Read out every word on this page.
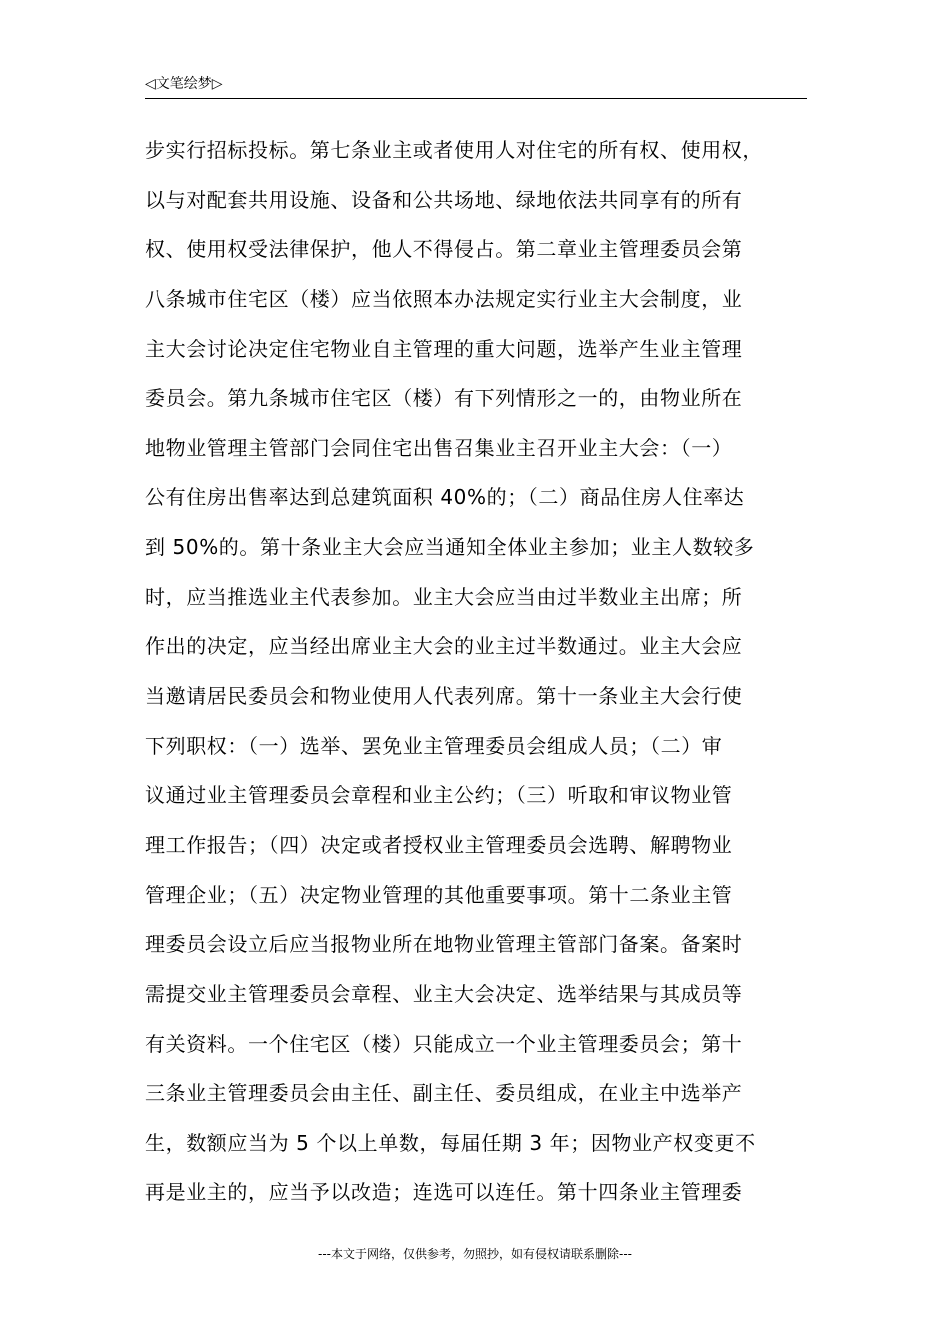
◁文笔绘梦▷
步实行招标投标。第七条业主或者使用人对住宅的所有权、使用权，
以与对配套共用设施、设备和公共场地、绿地依法共同享有的所有
权、使用权受法律保护，他人不得侵占。第二章业主管理委员会第
八条城市住宅区（楼）应当依照本办法规定实行业主大会制度，业
主大会讨论决定住宅物业自主管理的重大问题，选举产生业主管理
委员会。第九条城市住宅区（楼）有下列情形之一的，由物业所在
地物业管理主管部门会同住宅出售召集业主召开业主大会：（一）
公有住房出售率达到总建筑面积 40%的；（二）商品住房人住率达
到 50%的。第十条业主大会应当通知全体业主参加；业主人数较多
时，应当推选业主代表参加。业主大会应当由过半数业主出席；所
作出的决定，应当经出席业主大会的业主过半数通过。业主大会应
当邀请居民委员会和物业使用人代表列席。第十一条业主大会行使
下列职权：（一）选举、罢免业主管理委员会组成人员；（二）审
议通过业主管理委员会章程和业主公约；（三）听取和审议物业管
理工作报告；（四）决定或者授权业主管理委员会选聘、解聘物业
管理企业；（五）决定物业管理的其他重要事项。第十二条业主管
理委员会设立后应当报物业所在地物业管理主管部门备案。备案时
需提交业主管理委员会章程、业主大会决定、选举结果与其成员等
有关资料。一个住宅区（楼）只能成立一个业主管理委员会；第十
三条业主管理委员会由主任、副主任、委员组成，在业主中选举产
生，数额应当为 5 个以上单数，每届任期 3 年；因物业产权变更不
再是业主的，应当予以改造；连选可以连任。第十四条业主管理委
---本文于网络，仅供参考，勿照抄，如有侵权请联系删除---
